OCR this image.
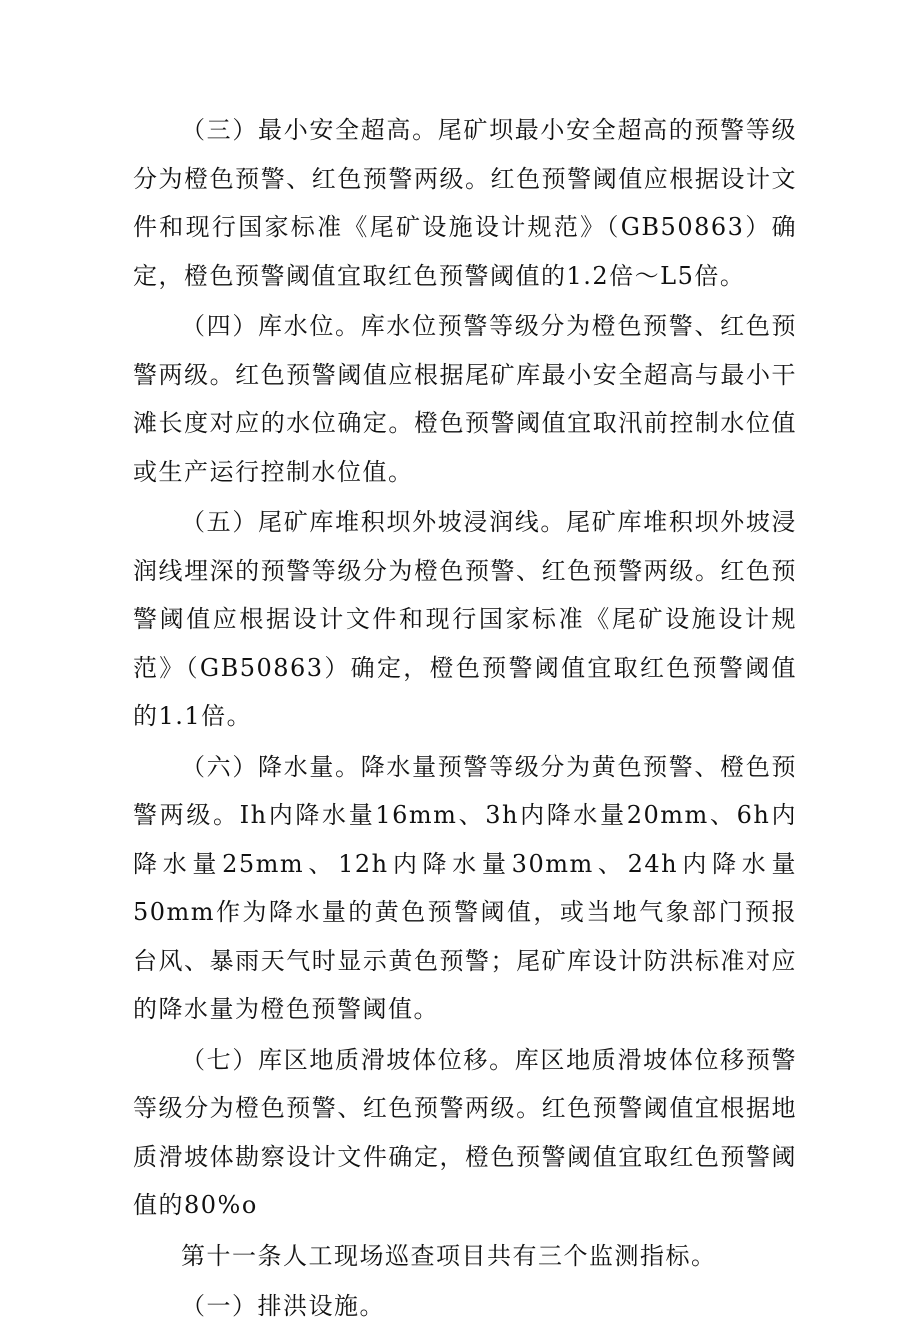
（三）最小安全超高。尾矿坝最小安全超高的预警等级分为橙色预警、红色预警两级。红色预警阈值应根据设计文件和现行国家标准《尾矿设施设计规范》（GB50863）确定，橙色预警阈值宜取红色预警阈值的1.2倍～L5倍。

（四）库水位。库水位预警等级分为橙色预警、红色预警两级。红色预警阈值应根据尾矿库最小安全超高与最小干滩长度对应的水位确定。橙色预警阈值宜取汛前控制水位值或生产运行控制水位值。

（五）尾矿库堆积坝外坡浸润线。尾矿库堆积坝外坡浸润线埋深的预警等级分为橙色预警、红色预警两级。红色预警阈值应根据设计文件和现行国家标准《尾矿设施设计规范》（GB50863）确定，橙色预警阈值宜取红色预警阈值的1.1倍。

（六）降水量。降水量预警等级分为黄色预警、橙色预警两级。Ih内降水量16mm、3h内降水量20mm、6h内降水量25mm、12h内降水量30mm、24h内降水量50mm作为降水量的黄色预警阈值，或当地气象部门预报台风、暴雨天气时显示黄色预警；尾矿库设计防洪标准对应的降水量为橙色预警阈值。

（七）库区地质滑坡体位移。库区地质滑坡体位移预警等级分为橙色预警、红色预警两级。红色预警阈值宜根据地质滑坡体勘察设计文件确定，橙色预警阈值宜取红色预警阈值的80%o

第十一条人工现场巡查项目共有三个监测指标。

（一）排洪设施。
